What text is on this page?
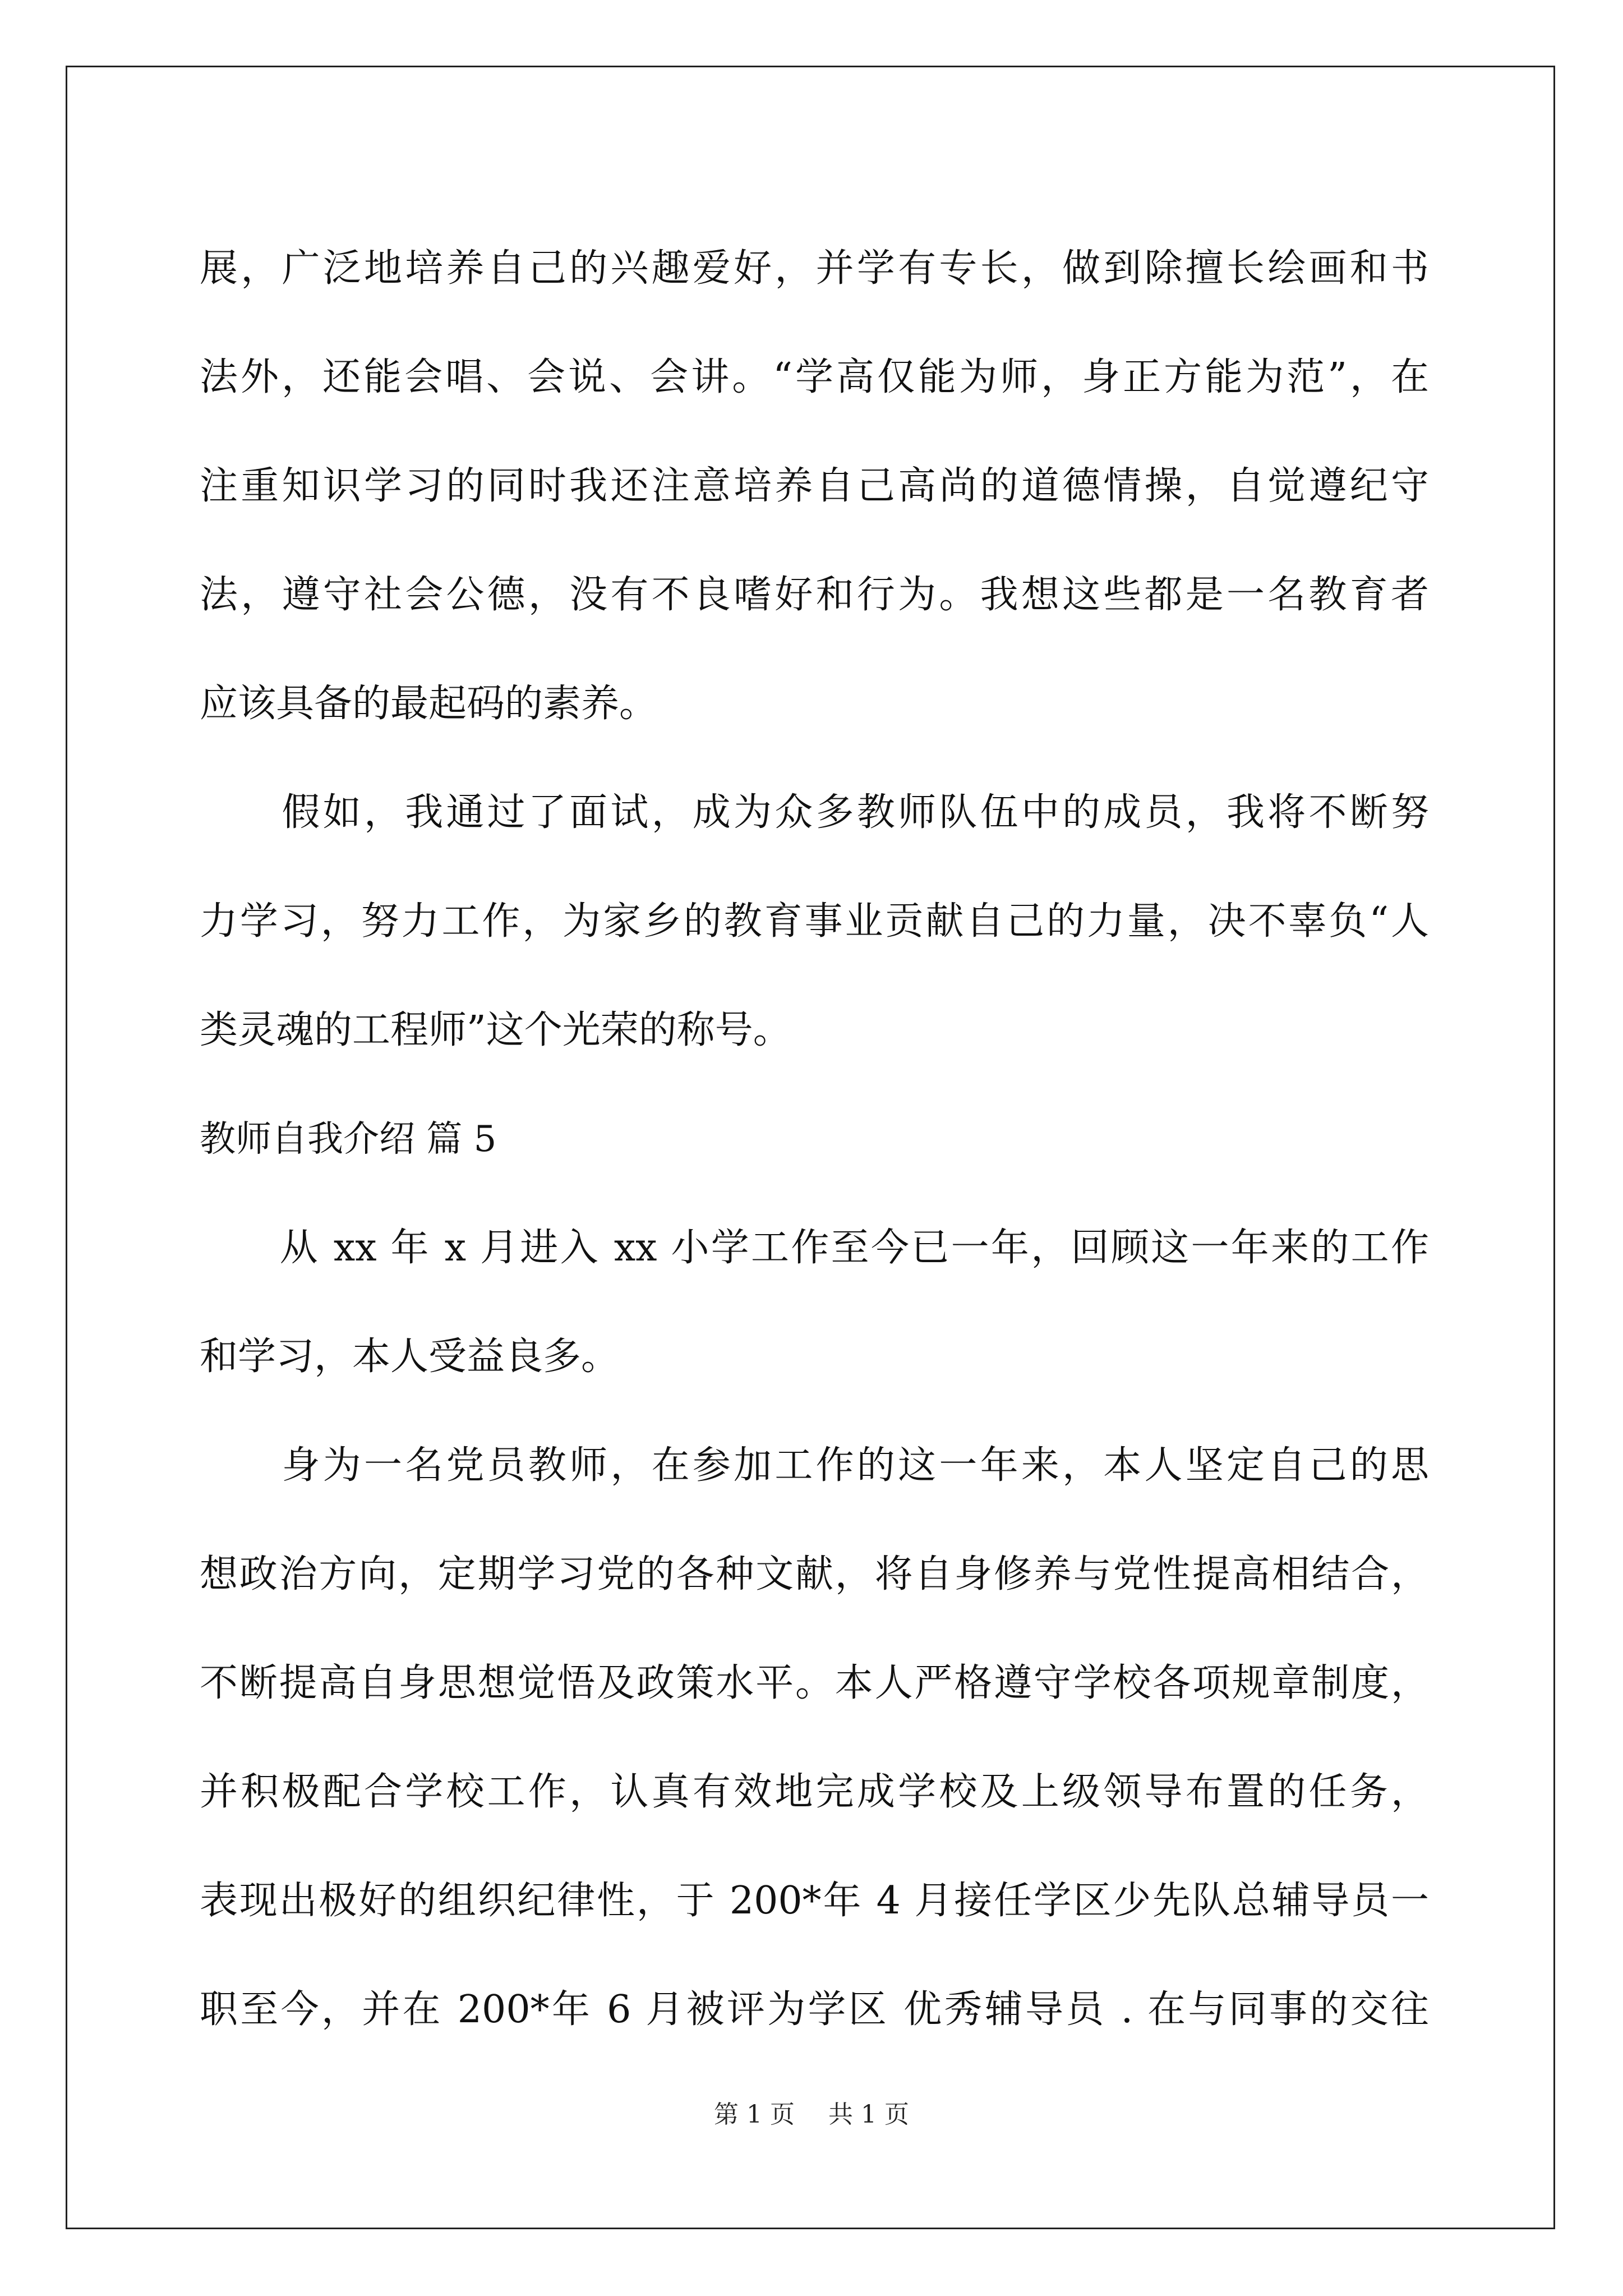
展，广泛地培养自己的兴趣爱好，并学有专长，做到除擅长绘画和书
法外，还能会唱、会说、会讲。“学高仅能为师，身正方能为范”，在
注重知识学习的同时我还注意培养自己高尚的道德情操，自觉遵纪守
法，遵守社会公德，没有不良嗜好和行为。我想这些都是一名教育者
应该具备的最起码的素养。
　　假如，我通过了面试，成为众多教师队伍中的成员，我将不断努
力学习，努力工作，为家乡的教育事业贡献自己的力量，决不辜负“人
类灵魂的工程师”这个光荣的称号。
教师自我介绍 篇 5
　　从 xx 年 x 月进入 xx 小学工作至今已一年，回顾这一年来的工作
和学习，本人受益良多。
　　身为一名党员教师，在参加工作的这一年来，本人坚定自己的思
想政治方向，定期学习党的各种文献，将自身修养与党性提高相结合，
不断提高自身思想觉悟及政策水平。本人严格遵守学校各项规章制度，
并积极配合学校工作，认真有效地完成学校及上级领导布置的任务，
表现出极好的组织纪律性，于 200*年 4 月接任学区少先队总辅导员一
职至今，并在 200*年 6 月被评为学区 优秀辅导员 . 在与同事的交往
第 1 页 共 1 页
